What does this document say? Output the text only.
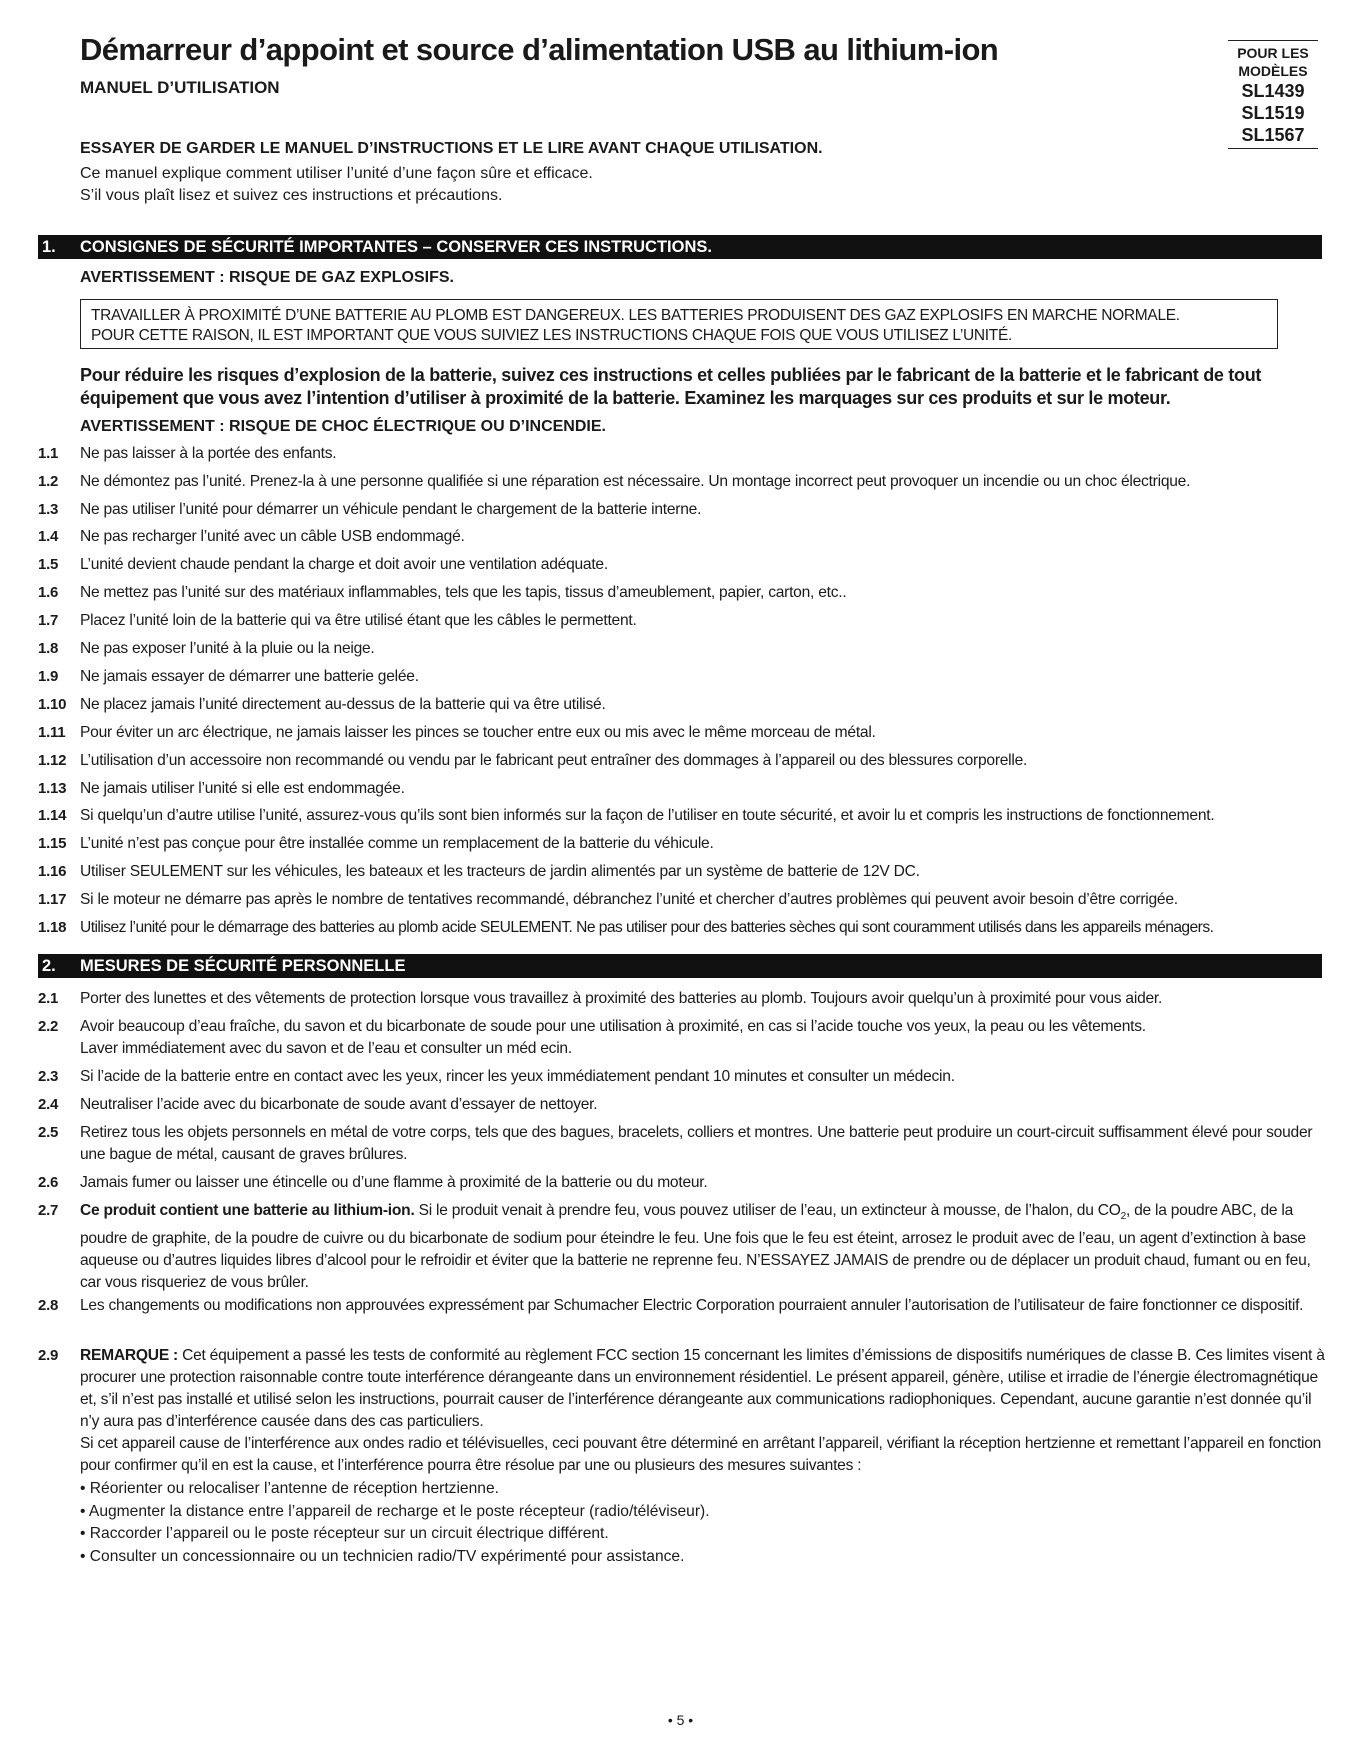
Démarreur d’appoint et source d’alimentation USB au lithium-ion
MANUEL D’UTILISATION
POUR LES
MODÈLES
SL1439
SL1519
SL1567
ESSAYER DE GARDER LE MANUEL D’INSTRUCTIONS ET LE LIRE AVANT CHAQUE UTILISATION.
Ce manuel explique comment utiliser l’unité d’une façon sûre et efficace.
S’il vous plaît lisez et suivez ces instructions et précautions.
1. CONSIGNES DE SÉCURITÉ IMPORTANTES – CONSERVER CES INSTRUCTIONS.
AVERTISSEMENT : RISQUE DE GAZ EXPLOSIFS.
TRAVAILLER À PROXIMITÉ D’UNE BATTERIE AU PLOMB EST DANGEREUX. LES BATTERIES PRODUISENT DES GAZ EXPLOSIFS EN MARCHE NORMALE.
POUR CETTE RAISON, IL EST IMPORTANT QUE VOUS SUIVIEZ LES INSTRUCTIONS CHAQUE FOIS QUE VOUS UTILISEZ L’UNITÉ.
Pour réduire les risques d’explosion de la batterie, suivez ces instructions et celles publiées par le fabricant de la batterie et le fabricant de tout équipement que vous avez l’intention d’utiliser à proximité de la batterie. Examinez les marquages sur ces produits et sur le moteur.
AVERTISSEMENT : RISQUE DE CHOC ÉLECTRIQUE OU D’INCENDIE.
1.1 Ne pas laisser à la portée des enfants.
1.2 Ne démontez pas l’unité. Prenez-la à une personne qualifiée si une réparation est nécessaire. Un montage incorrect peut provoquer un incendie ou un choc électrique.
1.3 Ne pas utiliser l’unité pour démarrer un véhicule pendant le chargement de la batterie interne.
1.4 Ne pas recharger l’unité avec un câble USB endommagé.
1.5 L’unité devient chaude pendant la charge et doit avoir une ventilation adéquate.
1.6 Ne mettez pas l’unité sur des matériaux inflammables, tels que les tapis, tissus d’ameublement, papier, carton, etc..
1.7 Placez l’unité loin de la batterie qui va être utilisé étant que les câbles le permettent.
1.8 Ne pas exposer l’unité à la pluie ou la neige.
1.9 Ne jamais essayer de démarrer une batterie gelée.
1.10 Ne placez jamais l’unité directement au-dessus de la batterie qui va être utilisé.
1.11 Pour éviter un arc électrique, ne jamais laisser les pinces se toucher entre eux ou mis avec le même morceau de métal.
1.12 L’utilisation d’un accessoire non recommandé ou vendu par le fabricant peut entraîner des dommages à l’appareil ou des blessures corporelle.
1.13 Ne jamais utiliser l’unité si elle est endommagée.
1.14 Si quelqu’un d’autre utilise l’unité, assurez-vous qu’ils sont bien informés sur la façon de l’utiliser en toute sécurité, et avoir lu et compris les instructions de fonctionnement.
1.15 L’unité n’est pas conçue pour être installée comme un remplacement de la batterie du véhicule.
1.16 Utiliser SEULEMENT sur les véhicules, les bateaux et les tracteurs de jardin alimentés par un système de batterie de 12V DC.
1.17 Si le moteur ne démarre pas après le nombre de tentatives recommandé, débranchez l’unité et chercher d’autres problèmes qui peuvent avoir besoin d’être corrigée.
1.18 Utilisez l’unité pour le démarrage des batteries au plomb acide SEULEMENT. Ne pas utiliser pour des batteries sèches qui sont couramment utilisés dans les appareils ménagers.
2. MESURES DE SÉCURITÉ PERSONNELLE
2.1 Porter des lunettes et des vêtements de protection lorsque vous travaillez à proximité des batteries au plomb. Toujours avoir quelqu’un à proximité pour vous aider.
2.2 Avoir beaucoup d’eau fraîche, du savon et du bicarbonate de soude pour une utilisation à proximité, en cas si l’acide touche vos yeux, la peau ou les vêtements.
Laver immédiatement avec du savon et de l’eau et consulter un méd ecin.
2.3 Si l’acide de la batterie entre en contact avec les yeux, rincer les yeux immédiatement pendant 10 minutes et consulter un médecin.
2.4 Neutraliser l’acide avec du bicarbonate de soude avant d’essayer de nettoyer.
2.5 Retirez tous les objets personnels en métal de votre corps, tels que des bagues, bracelets, colliers et montres. Une batterie peut produire un court-circuit suffisamment élevé pour souder une bague de métal, causant de graves brûlures.
2.6 Jamais fumer ou laisser une étincelle ou d’une flamme à proximité de la batterie ou du moteur.
2.7 Ce produit contient une batterie au lithium-ion. Si le produit venait à prendre feu, vous pouvez utiliser de l’eau, un extincteur à mousse, de l’halon, du $CO_2$, de la poudre ABC, de la poudre de graphite, de la poudre de cuivre ou du bicarbonate de sodium pour éteindre le feu. Une fois que le feu est éteint, arrosez le produit avec de l’eau, un agent d’extinction à base aqueuse ou d’autres liquides libres d’alcool pour le refroidir et éviter que la batterie ne reprenne feu. N’ESSAYEZ JAMAIS de prendre ou de déplacer un produit chaud, fumant ou en feu, car vous risqueriez de vous brûler.
2.8 Les changements ou modifications non approuvées expressément par Schumacher Electric Corporation pourraient annuler l’autorisation de l’utilisateur de faire fonctionner ce dispositif.
2.9 REMARQUE : Cet équipement a passé les tests de conformité au règlement FCC section 15 concernant les limites d’émissions de dispositifs numériques de classe B. Ces limites visent à procurer une protection raisonnable contre toute interférence dérangeante dans un environnement résidentiel. Le présent appareil, génère, utilise et irradie de l’énergie électromagnétique et, s’il n’est pas installé et utilisé selon les instructions, pourrait causer de l’interférence dérangeante aux communications radiophoniques. Cependant, aucune garantie n’est donnée qu’il n’y aura pas d’interférence causée dans des cas particuliers.
Si cet appareil cause de l’interférence aux ondes radio et télévisuelles, ceci pouvant être déterminé en arrêtant l’appareil, vérifiant la réception hertzienne et remettant l’appareil en fonction pour confirmer qu’il en est la cause, et l’interférence pourra être résolue par une ou plusieurs des mesures suivantes :
• Réorienter ou relocaliser l’antenne de réception hertzienne.
• Augmenter la distance entre l’appareil de recharge et le poste récepteur (radio/téléviseur).
• Raccorder l’appareil ou le poste récepteur sur un circuit électrique différent.
• Consulter un concessionnaire ou un technicien radio/TV expérimenté pour assistance.
• 5 •
